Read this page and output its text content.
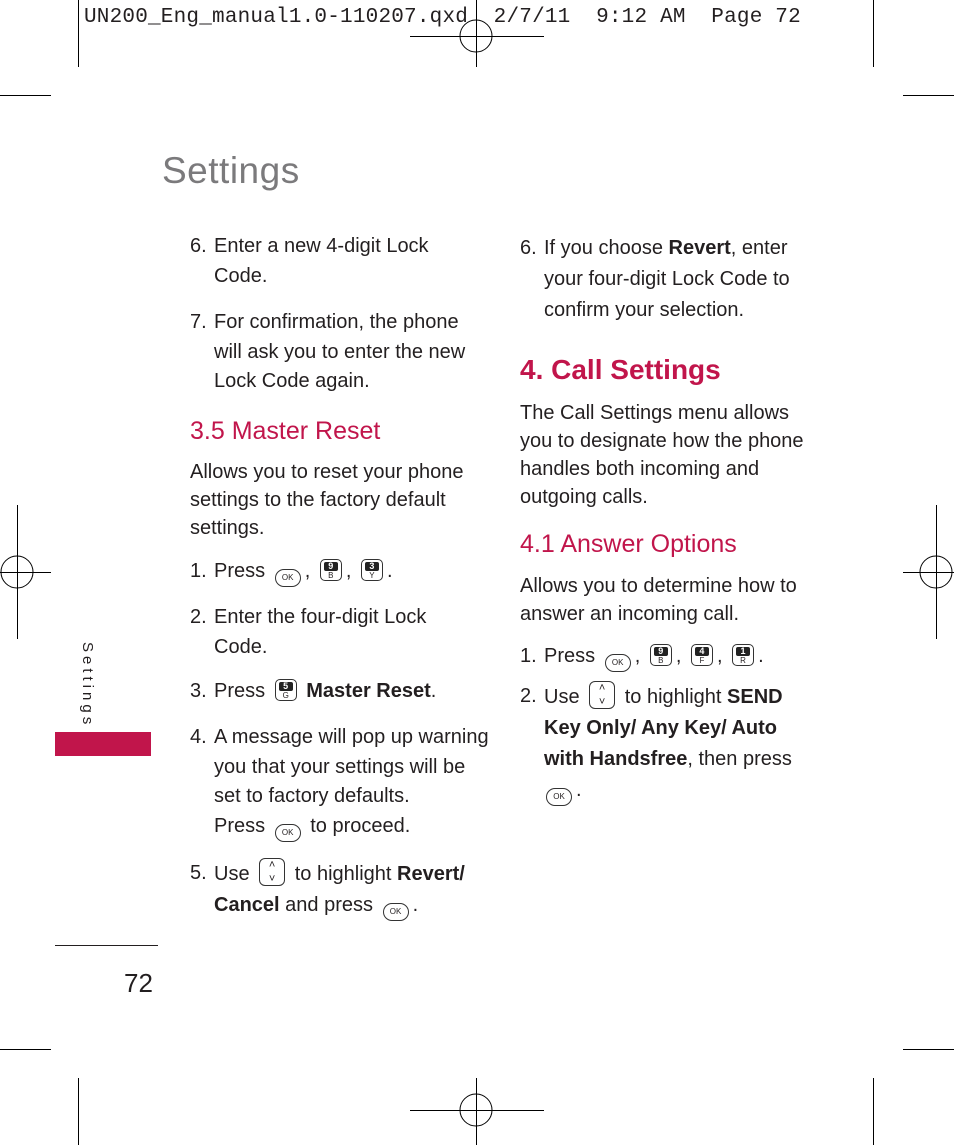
UN200_Eng_manual1.0-110207.qxd  2/7/11  9:12 AM  Page 72
Settings
6. Enter a new 4-digit Lock
Code.
7. For confirmation, the phone
will ask you to enter the new
Lock Code again.
3.5 Master Reset
Allows you to reset your phone
settings to the factory default
settings.
1. Press OK ,	9
B ,	3
Y .
2. Enter the four-digit Lock
Code.
3. Press	5
G Master Reset.
4. A message will pop up warning
you that your settings will be
set to factory defaults.
Press OK to proceed.
5. Use ˄ ˅ to highlight Revert/
Cancel and press OK .
6. If you choose Revert, enter
your four-digit Lock Code to
confirm your selection.
4. Call Settings
The Call Settings menu allows
you to designate how the phone
handles both incoming and
outgoing calls.
4.1 Answer Options
Allows you to determine how to
answer an incoming call.
1. Press OK ,	9
B ,	4
F ,	1
R .
2. Use ˄ ˅ to highlight SEND
Key Only/ Any Key/ Auto
with Handsfree, then press
OK .
Settings
72
